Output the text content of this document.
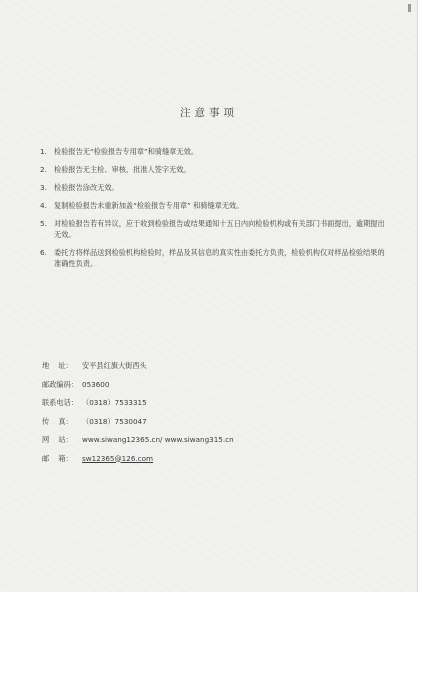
注意事项
1. 检验报告无“检验报告专用章”和骑缝章无效。
2. 检验报告无主检、审核、批准人签字无效。
3. 检验报告涂改无效。
4. 复制检验报告未重新加盖“检验报告专用章” 和骑缝章无效。
5. 对检验报告若有异议，应于收到检验报告或结果通知十五日内向检验机构或有关部门书面提出，逾期提出无效。
6. 委托方将样品送到检验机构检验时，样品及其信息的真实性由委托方负责，检验机构仅对样品检验结果的准确性负责。
地    址：	安平县红旗大街西头
邮政编码： 053600
联系电话： （0318）7533315
传    真：	（0318）7530047
网    站：	www.siwang12365.cn/ www.siwang315.cn
邮    箱：	sw12365@126.com
